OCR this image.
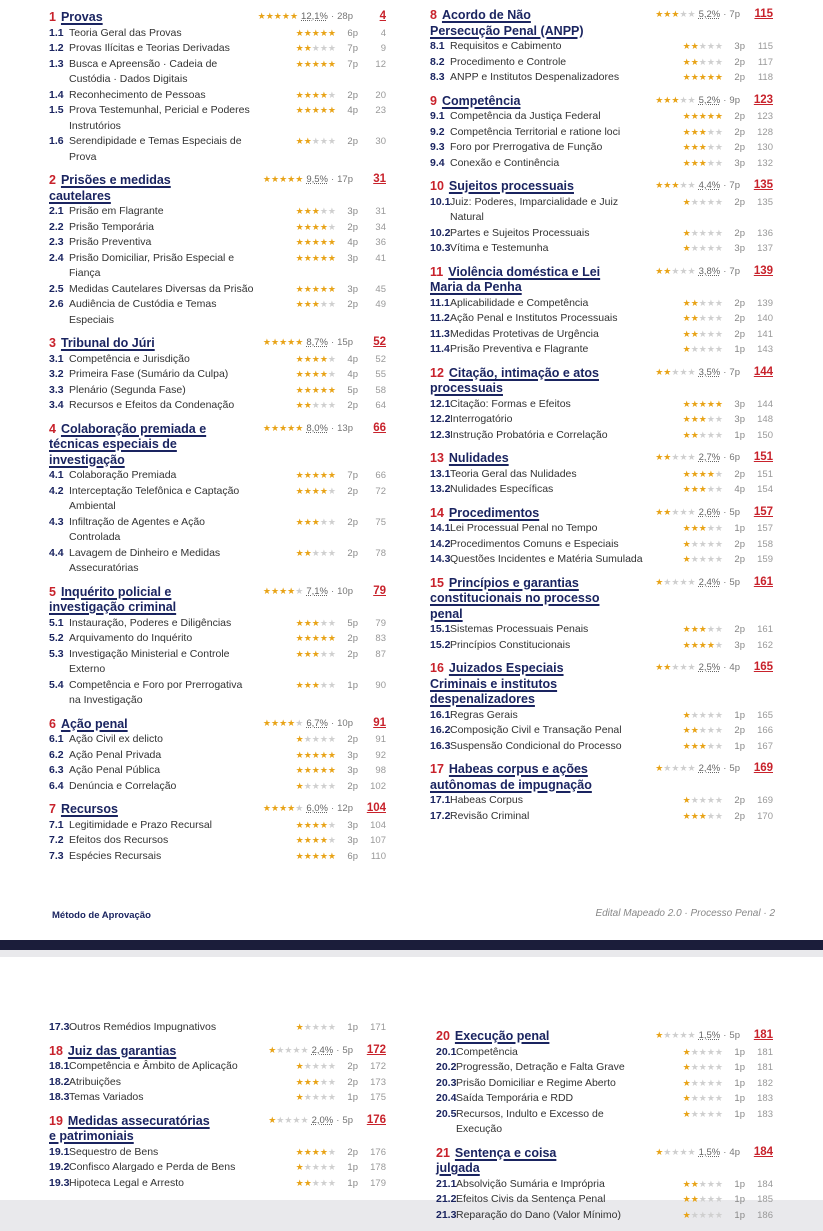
1 Provas	★★★★★ 12,1% · 28p	4
1.1 Teoria Geral das Provas	★★★★★	6p	4
1.2 Provas Ilícitas e Teorias Derivadas	★★★★★	7p	9
1.3 Busca e Apreensão · Cadeia de Custódia · Dados Digitais
★★★★★	7p	12
1.4 Reconhecimento de Pessoas	★★★★★	2p	20
1.5 Prova Testemunhal, Pericial e Poderes Instrutórios
★★★★★	4p	23
1.6 Serendipidade e Temas Especiais de Prova
★★★★★	2p	30
2 Prisões e medidas cautelares
★★★★★ 9,5% · 17p	31
2.1 Prisão em Flagrante	★★★★★	3p	31
2.2 Prisão Temporária	★★★★★	2p	34
2.3 Prisão Preventiva	★★★★★	4p	36
2.4 Prisão Domiciliar, Prisão Especial e Fiança
★★★★★	3p	41
2.5 Medidas Cautelares Diversas da Prisão	★★★★★	3p	45
2.6 Audiência de Custódia e Temas Especiais
★★★★★	2p	49
3 Tribunal do Júri	★★★★★ 8,7% · 15p	52
3.1 Competência e Jurisdição	★★★★★	4p	52
3.2 Primeira Fase (Sumário da Culpa)	★★★★★	4p	55
3.3 Plenário (Segunda Fase)	★★★★★	5p	58
3.4 Recursos e Efeitos da Condenação	★★★★★	2p	64
4 Colaboração premiada e técnicas especiais de investigação
★★★★★ 8,0% · 13p	66
4.1 Colaboração Premiada	★★★★★	7p	66
4.2 Interceptação Telefônica e Captação Ambiental
★★★★★	2p	72
4.3 Infiltração de Agentes e Ação Controlada
★★★★★	2p	75
4.4 Lavagem de Dinheiro e Medidas Assecuratórias
★★★★★	2p	78
5 Inquérito policial e investigação criminal
★★★★★ 7,1% · 10p	79
5.1 Instauração, Poderes e Diligências	★★★★★	5p	79
5.2 Arquivamento do Inquérito	★★★★★	2p	83
5.3 Investigação Ministerial e Controle Externo
★★★★★	2p	87
5.4 Competência e Foro por Prerrogativa na Investigação
★★★★★	1p	90
6 Ação penal	★★★★★ 6,7% · 10p	91
6.1 Ação Civil ex delicto	★★★★★	2p	91
6.2 Ação Penal Privada	★★★★★	3p	92
6.3 Ação Penal Pública	★★★★★	3p	98
6.4 Denúncia e Correlação	★★★★★	2p	102
7 Recursos	★★★★★ 6,0% · 12p 104
7.1 Legitimidade e Prazo Recursal	★★★★★	3p	104
7.2 Efeitos dos Recursos	★★★★★	3p	107
7.3 Espécies Recursais	★★★★★	6p	110
8 Acordo de Não Persecução Penal (ANPP)
★★★★★ 5,2% · 7p 115
8.1 Requisitos e Cabimento	★★★★★	3p	115
8.2 Procedimento e Controle	★★★★★	2p	117
8.3 ANPP e Institutos Despenalizadores	★★★★★	2p	118
9 Competência	★★★★★ 5,2% · 9p 123
9.1 Competência da Justiça Federal	★★★★★	2p	123
9.2 Competência Territorial e ratione loci	★★★★★	2p	128
9.3 Foro por Prerrogativa de Função	★★★★★	2p	130
9.4 Conexão e Continência	★★★★★	3p	132
10 Sujeitos processuais	★★★★★ 4,4% · 7p 135
10.1 Juiz: Poderes, Imparcialidade e Juiz Natural
★★★★★	2p	135
10.2 Partes e Sujeitos Processuais	★★★★★	2p	136
10.3 Vítima e Testemunha	★★★★★	3p	137
11 Violência doméstica e Lei Maria da Penha
★★★★★ 3,8% · 7p 139
11.1 Aplicabilidade e Competência	★★★★★	2p	139
11.2 Ação Penal e Institutos Processuais	★★★★★	2p	140
11.3 Medidas Protetivas de Urgência	★★★★★	2p	141
11.4 Prisão Preventiva e Flagrante	★★★★★	1p	143
12 Citação, intimação e atos processuais
★★★★★ 3,5% · 7p 144
12.1 Citação: Formas e Efeitos	★★★★★	3p	144
12.2 Interrogatório	★★★★★	3p	148
12.3 Instrução Probatória e Correlação	★★★★★	1p	150
13 Nulidades	★★★★★ 2,7% · 6p 151
13.1 Teoria Geral das Nulidades	★★★★★	2p	151
13.2 Nulidades Específicas	★★★★★	4p	154
14 Procedimentos	★★★★★ 2,6% · 5p 157
14.1 Lei Processual Penal no Tempo	★★★★★	1p	157
14.2 Procedimentos Comuns e Especiais	★★★★★	2p	158
14.3 Questões Incidentes e Matéria Sumulada	★★★★★	2p	159
15 Princípios e garantias constitucionais no processo penal
★★★★★ 2,4% · 5p 161
15.1 Sistemas Processuais Penais	★★★★★	2p	161
15.2 Princípios Constitucionais	★★★★★	3p	162
16 Juizados Especiais Criminais e institutos despenalizadores
★★★★★ 2,5% · 4p 165
16.1 Regras Gerais	★★★★★	1p	165
16.2 Composição Civil e Transação Penal	★★★★★	2p	166
16.3 Suspensão Condicional do Processo	★★★★★	1p	167
17 Habeas corpus e ações autônomas de impugnação
★★★★★ 2,4% · 5p 169
17.1 Habeas Corpus	★★★★★	2p	169
17.2 Revisão Criminal	★★★★★	2p	170
Método de Aprovação	Edital Mapeado 2.0 · Processo Penal · 2
17.3 Outros Remédios Impugnativos	★★★★★	1p	171
18 Juiz das garantias	★★★★★ 2,4% · 5p 172
18.1 Competência e Âmbito de Aplicação	★★★★★	2p	172
18.2 Atribuições	★★★★★	2p	173
18.3 Temas Variados	★★★★★	1p	175
19 Medidas assecuratórias e patrimoniais
★★★★★ 2,0% · 5p 176
19.1 Sequestro de Bens	★★★★★	2p	176
19.2 Confisco Alargado e Perda de Bens	★★★★★	1p	178
19.3 Hipoteca Legal e Arresto	★★★★★	1p	179
20 Execução penal	★★★★★ 1,5% · 5p 181
20.1 Competência	★★★★★	1p	181
20.2 Progressão, Detração e Falta Grave	★★★★★	1p	181
20.3 Prisão Domiciliar e Regime Aberto	★★★★★	1p	182
20.4 Saída Temporária e RDD	★★★★★	1p	183
20.5 Recursos, Indulto e Excesso de Execução
★★★★★	1p	183
21 Sentença e coisa julgada
★★★★★ 1,5% · 4p 184
21.1 Absolvição Sumária e Imprópria	★★★★★	1p	184
21.2 Efeitos Civis da Sentença Penal	★★★★★	1p	185
21.3 Reparação do Dano (Valor Mínimo)	★★★★★	1p	186
